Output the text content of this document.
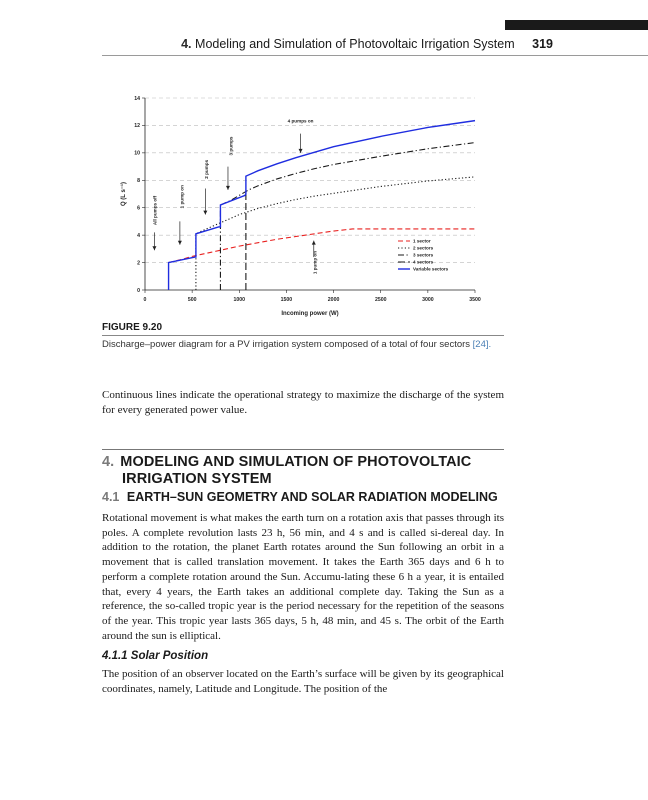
4. Modeling and Simulation of Photovoltaic Irrigation System 319
0	500	1000	1500	2000	2500	3000	3500
0
2
4
6
8
10
12
14
Incoming power (W)
Q (L s⁻¹)
All pumps off	1 pump on
2 pumps
3 pumps
4 pumps on
1 pump on
1 sector
2 sectors
3 sectors
4 sectors
Variable sectors
FIGURE 9.20
Discharge–power diagram for a PV irrigation system composed of a total of four sectors [24].
Continuous lines indicate the operational strategy to maximize the discharge of the system for every generated power value.
4. MODELING AND SIMULATION OF PHOTOVOLTAIC
IRRIGATION SYSTEM
4.1 EARTH–SUN GEOMETRY AND SOLAR RADIATION MODELING
Rotational movement is what makes the earth turn on a rotation axis that passes through its poles. A complete revolution lasts 23 h, 56 min, and 4 s and is called si-dereal day. In addition to the rotation, the planet Earth rotates around the Sun following an orbit in a movement that is called translation movement. It takes the Earth 365 days and 6 h to perform a complete rotation around the Sun. Accumu-lating these 6 h a year, it is entailed that, every 4 years, the Earth takes an additional complete day. Taking the Sun as a reference, the so-called tropic year is the period necessary for the repetition of the seasons of the year. This tropic year lasts 365 days, 5 h, 48 min, and 45 s. The orbit of the Earth around the sun is elliptical.
4.1.1 Solar Position
The position of an observer located on the Earth’s surface will be given by its geographical coordinates, namely, Latitude and Longitude. The position of the
